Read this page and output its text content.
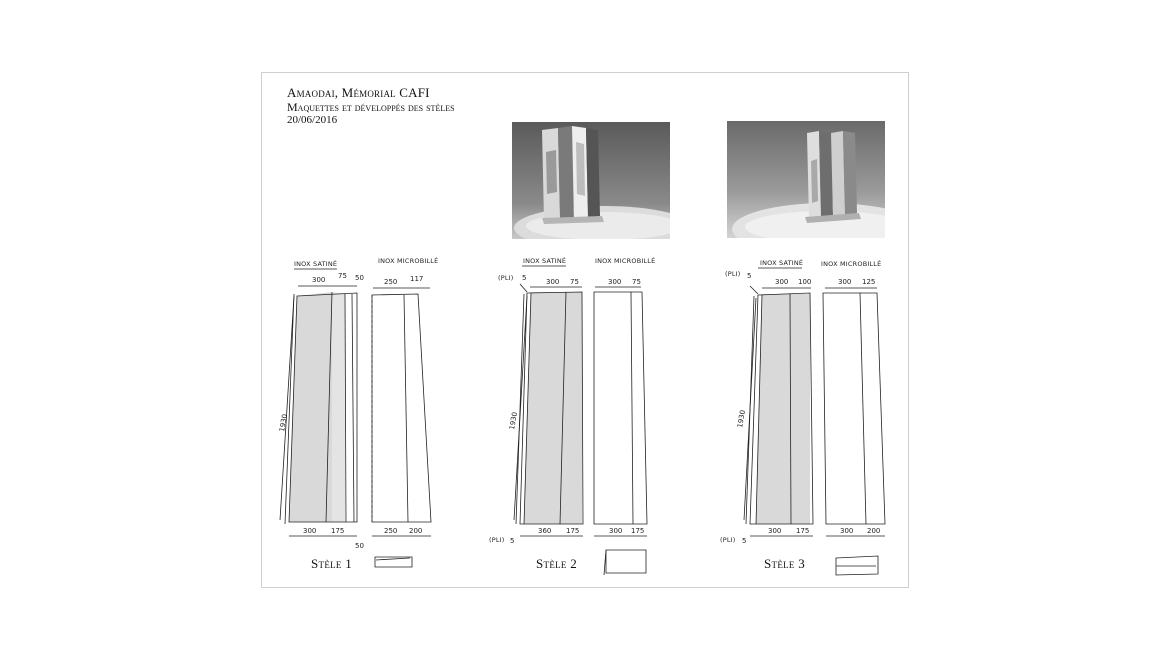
Amaodai, Mémorial CAFI
Maquettes et développés des stèles
20/06/2016
INOX SATINÉ	INOX MICROBILLÉ
300 75 50	250 117
300 175	250 200
50
1930
INOX SATINÉ	INOX MICROBILLÉ
(PLI) 5	300 75	300 75
360 175	300 175
(PLI) 5
1930
INOX SATINÉ	INOX MICROBILLÉ
(PLI) 5
300 100	300 125
300 175	300 200
(PLI) 5
1930
Stèle 1	Stèle 2	Stèle 3
